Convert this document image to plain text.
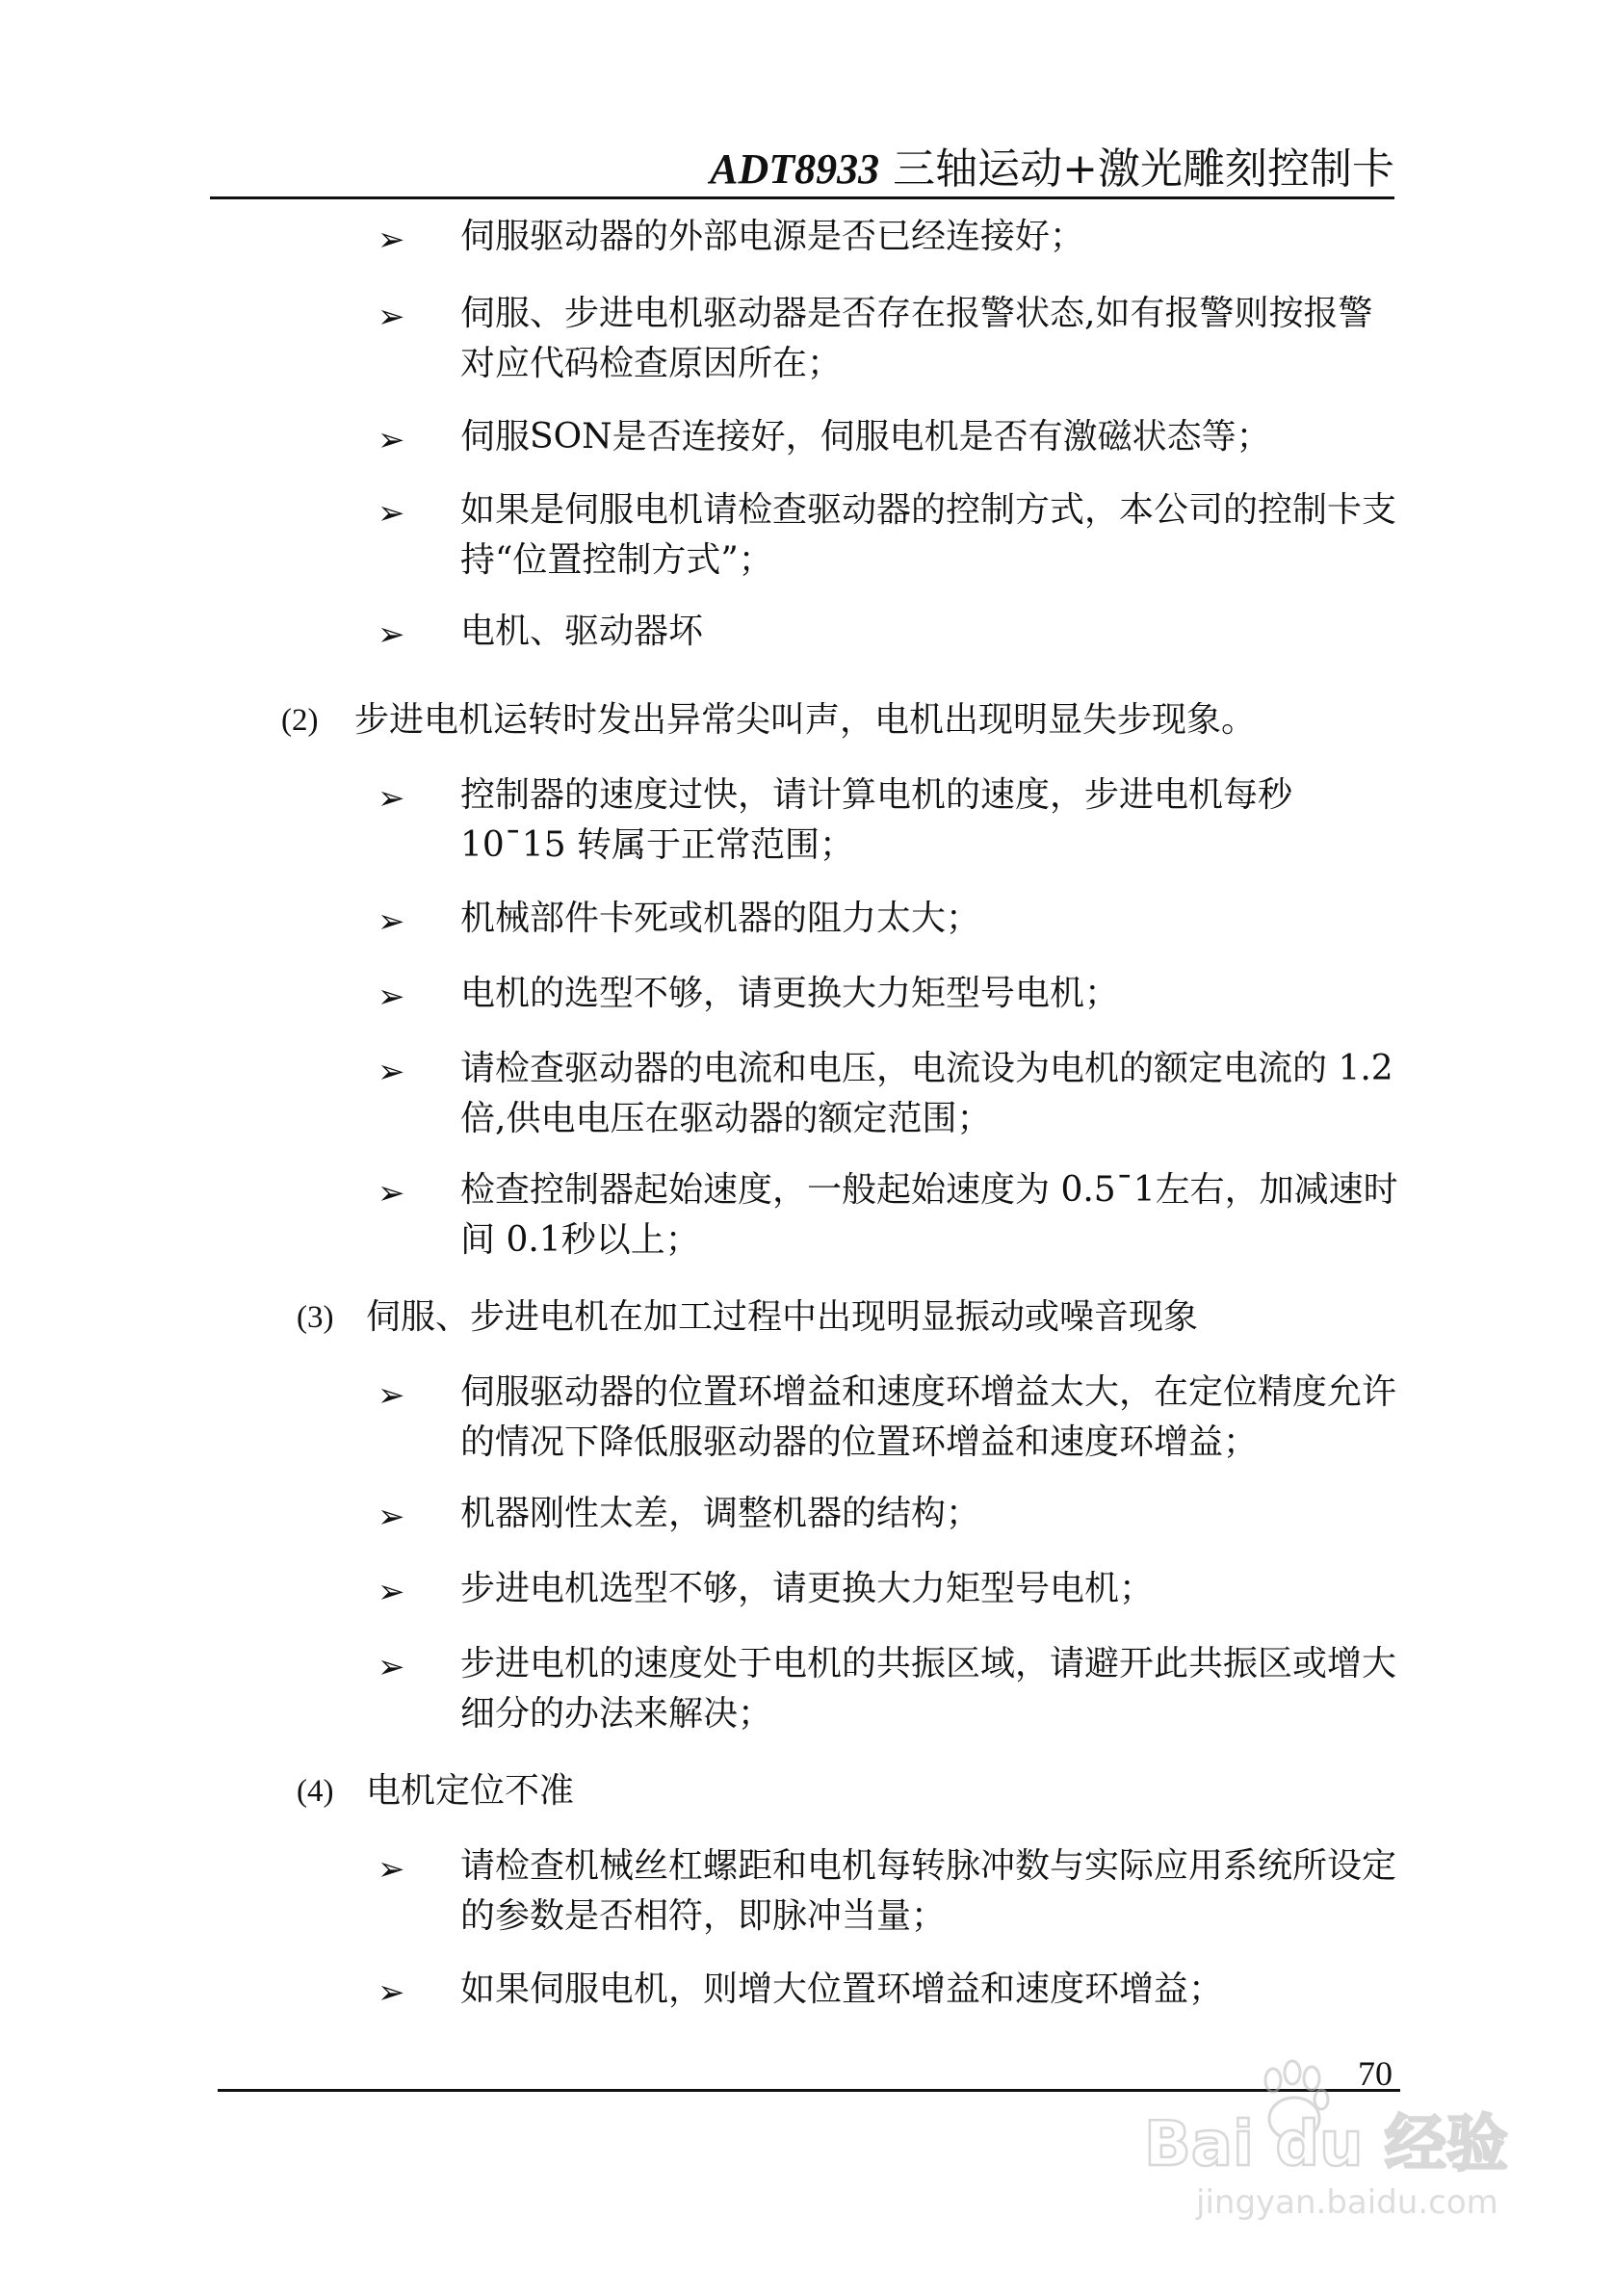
ADT8933 三轴运动+激光雕刻控制卡
➢ 伺服驱动器的外部电源是否已经连接好；
➢ 伺服、步进电机驱动器是否存在报警状态,如有报警则按报警对应代码检查原因所在；
➢ 伺服SON是否连接好，伺服电机是否有激磁状态等；
➢ 如果是伺服电机请检查驱动器的控制方式，本公司的控制卡支持“位置控制方式”；
➢ 电机、驱动器坏
(2) 步进电机运转时发出异常尖叫声，电机出现明显失步现象。
➢ 控制器的速度过快，请计算电机的速度，步进电机每秒 10¯15 转属于正常范围；
➢ 机械部件卡死或机器的阻力太大；
➢ 电机的选型不够，请更换大力矩型号电机；
➢ 请检查驱动器的电流和电压，电流设为电机的额定电流的 1.2 倍,供电电压在驱动器的额定范围；
➢ 检查控制器起始速度，一般起始速度为 0.5¯1左右，加减速时间 0.1秒以上；
(3) 伺服、步进电机在加工过程中出现明显振动或噪音现象
➢ 伺服驱动器的位置环增益和速度环增益太大，在定位精度允许的情况下降低服驱动器的位置环增益和速度环增益；
➢ 机器刚性太差，调整机器的结构；
➢ 步进电机选型不够，请更换大力矩型号电机；
➢ 步进电机的速度处于电机的共振区域，请避开此共振区或增大细分的办法来解决；
(4) 电机定位不准
➢ 请检查机械丝杠螺距和电机每转脉冲数与实际应用系统所设定的参数是否相符，即脉冲当量；
➢ 如果伺服电机，则增大位置环增益和速度环增益；
70
Bai du 经验
jingyan.baidu.com
